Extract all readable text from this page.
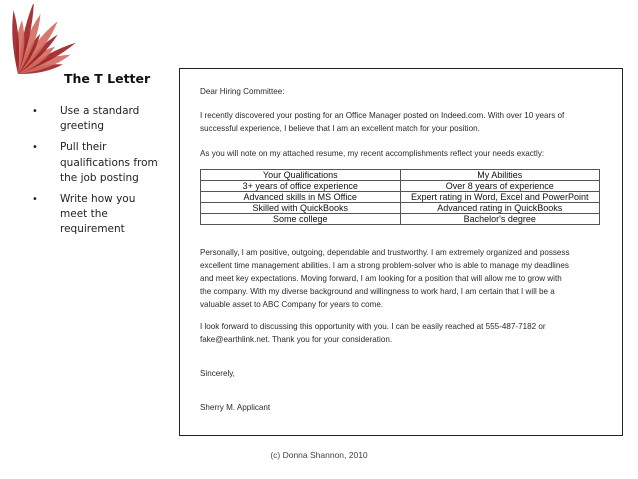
The T Letter
• Use a standard
greeting
• Pull their
qualifications from
the job posting
• Write how you
meet the
requirement

Dear Hiring Committee:

I recently discovered your posting for an Office Manager posted on Indeed.com. With over 10 years of

successful experience, I believe that I am an excellent match for your position.

As you will note on my attached resume, my recent accomplishments reflect your needs exactly:

Your Qualifications	My Abilities
3+ years of office experience	Over 8 years of experience
Advanced skills in MS Office	Expert rating in Word, Excel and PowerPoint
Skilled with QuickBooks	Advanced rating in QuickBooks
Some college	Bachelor's degree

Personally, I am positive, outgoing, dependable and trustworthy. I am extremely organized and possess

excellent time management abilities. I am a strong problem-solver who is able to manage my deadlines

and meet key expectations. Moving forward, I am looking for a position that will allow me to grow with

the company. With my diverse background and willingness to work hard, I am certain that I will be a

valuable asset to ABC Company for years to come.

I look forward to discussing this opportunity with you. I can be easily reached at 555-487-7182 or

fake@earthlink.net. Thank you for your consideration.

Sincerely,

Sherry M. Applicant

(c) Donna Shannon, 2010
